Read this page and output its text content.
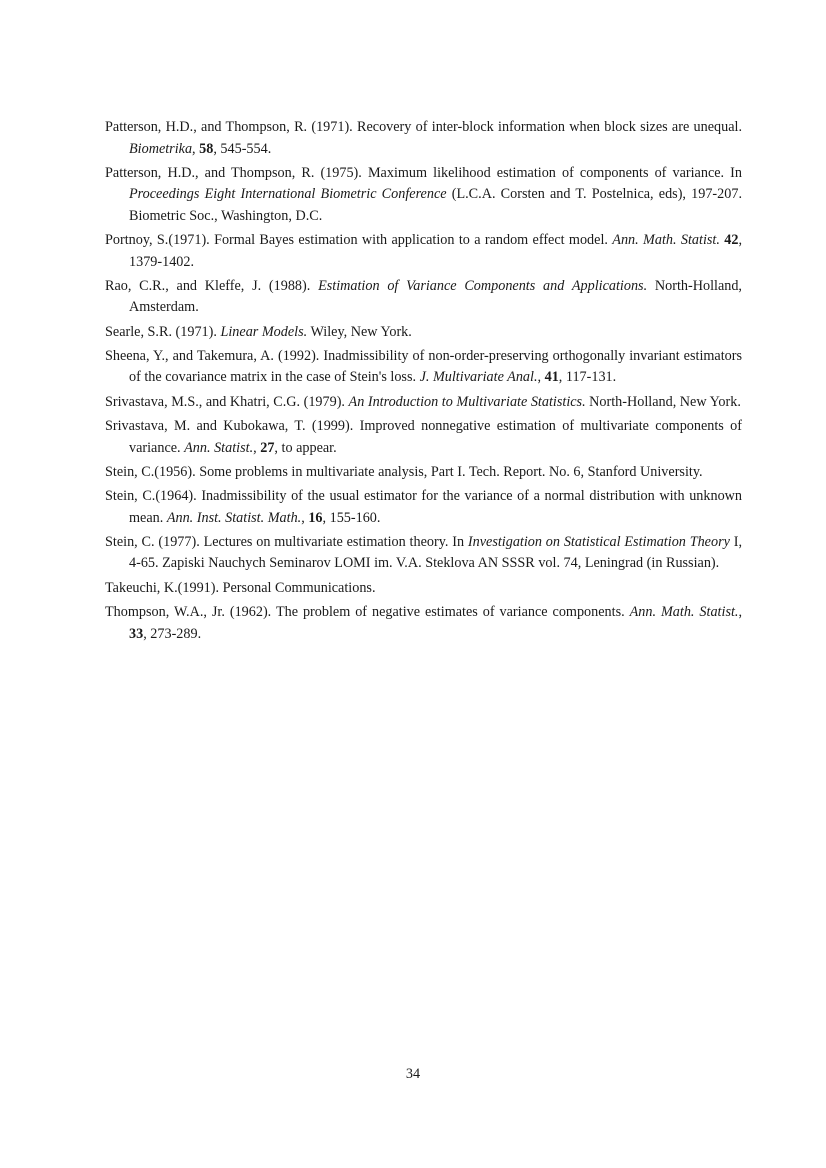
Patterson, H.D., and Thompson, R. (1971). Recovery of inter-block information when block sizes are unequal. Biometrika, 58, 545-554.
Patterson, H.D., and Thompson, R. (1975). Maximum likelihood estimation of components of variance. In Proceedings Eight International Biometric Conference (L.C.A. Corsten and T. Postelnica, eds), 197-207. Biometric Soc., Washington, D.C.
Portnoy, S.(1971). Formal Bayes estimation with application to a random effect model. Ann. Math. Statist. 42, 1379-1402.
Rao, C.R., and Kleffe, J. (1988). Estimation of Variance Components and Applications. North-Holland, Amsterdam.
Searle, S.R. (1971). Linear Models. Wiley, New York.
Sheena, Y., and Takemura, A. (1992). Inadmissibility of non-order-preserving orthogonally invariant estimators of the covariance matrix in the case of Stein's loss. J. Multivariate Anal., 41, 117-131.
Srivastava, M.S., and Khatri, C.G. (1979). An Introduction to Multivariate Statistics. North-Holland, New York.
Srivastava, M. and Kubokawa, T. (1999). Improved nonnegative estimation of multivariate components of variance. Ann. Statist., 27, to appear.
Stein, C.(1956). Some problems in multivariate analysis, Part I. Tech. Report. No. 6, Stanford University.
Stein, C.(1964). Inadmissibility of the usual estimator for the variance of a normal distribution with unknown mean. Ann. Inst. Statist. Math., 16, 155-160.
Stein, C. (1977). Lectures on multivariate estimation theory. In Investigation on Statistical Estimation Theory I, 4-65. Zapiski Nauchych Seminarov LOMI im. V.A. Steklova AN SSSR vol. 74, Leningrad (in Russian).
Takeuchi, K.(1991). Personal Communications.
Thompson, W.A., Jr. (1962). The problem of negative estimates of variance components. Ann. Math. Statist., 33, 273-289.
34
